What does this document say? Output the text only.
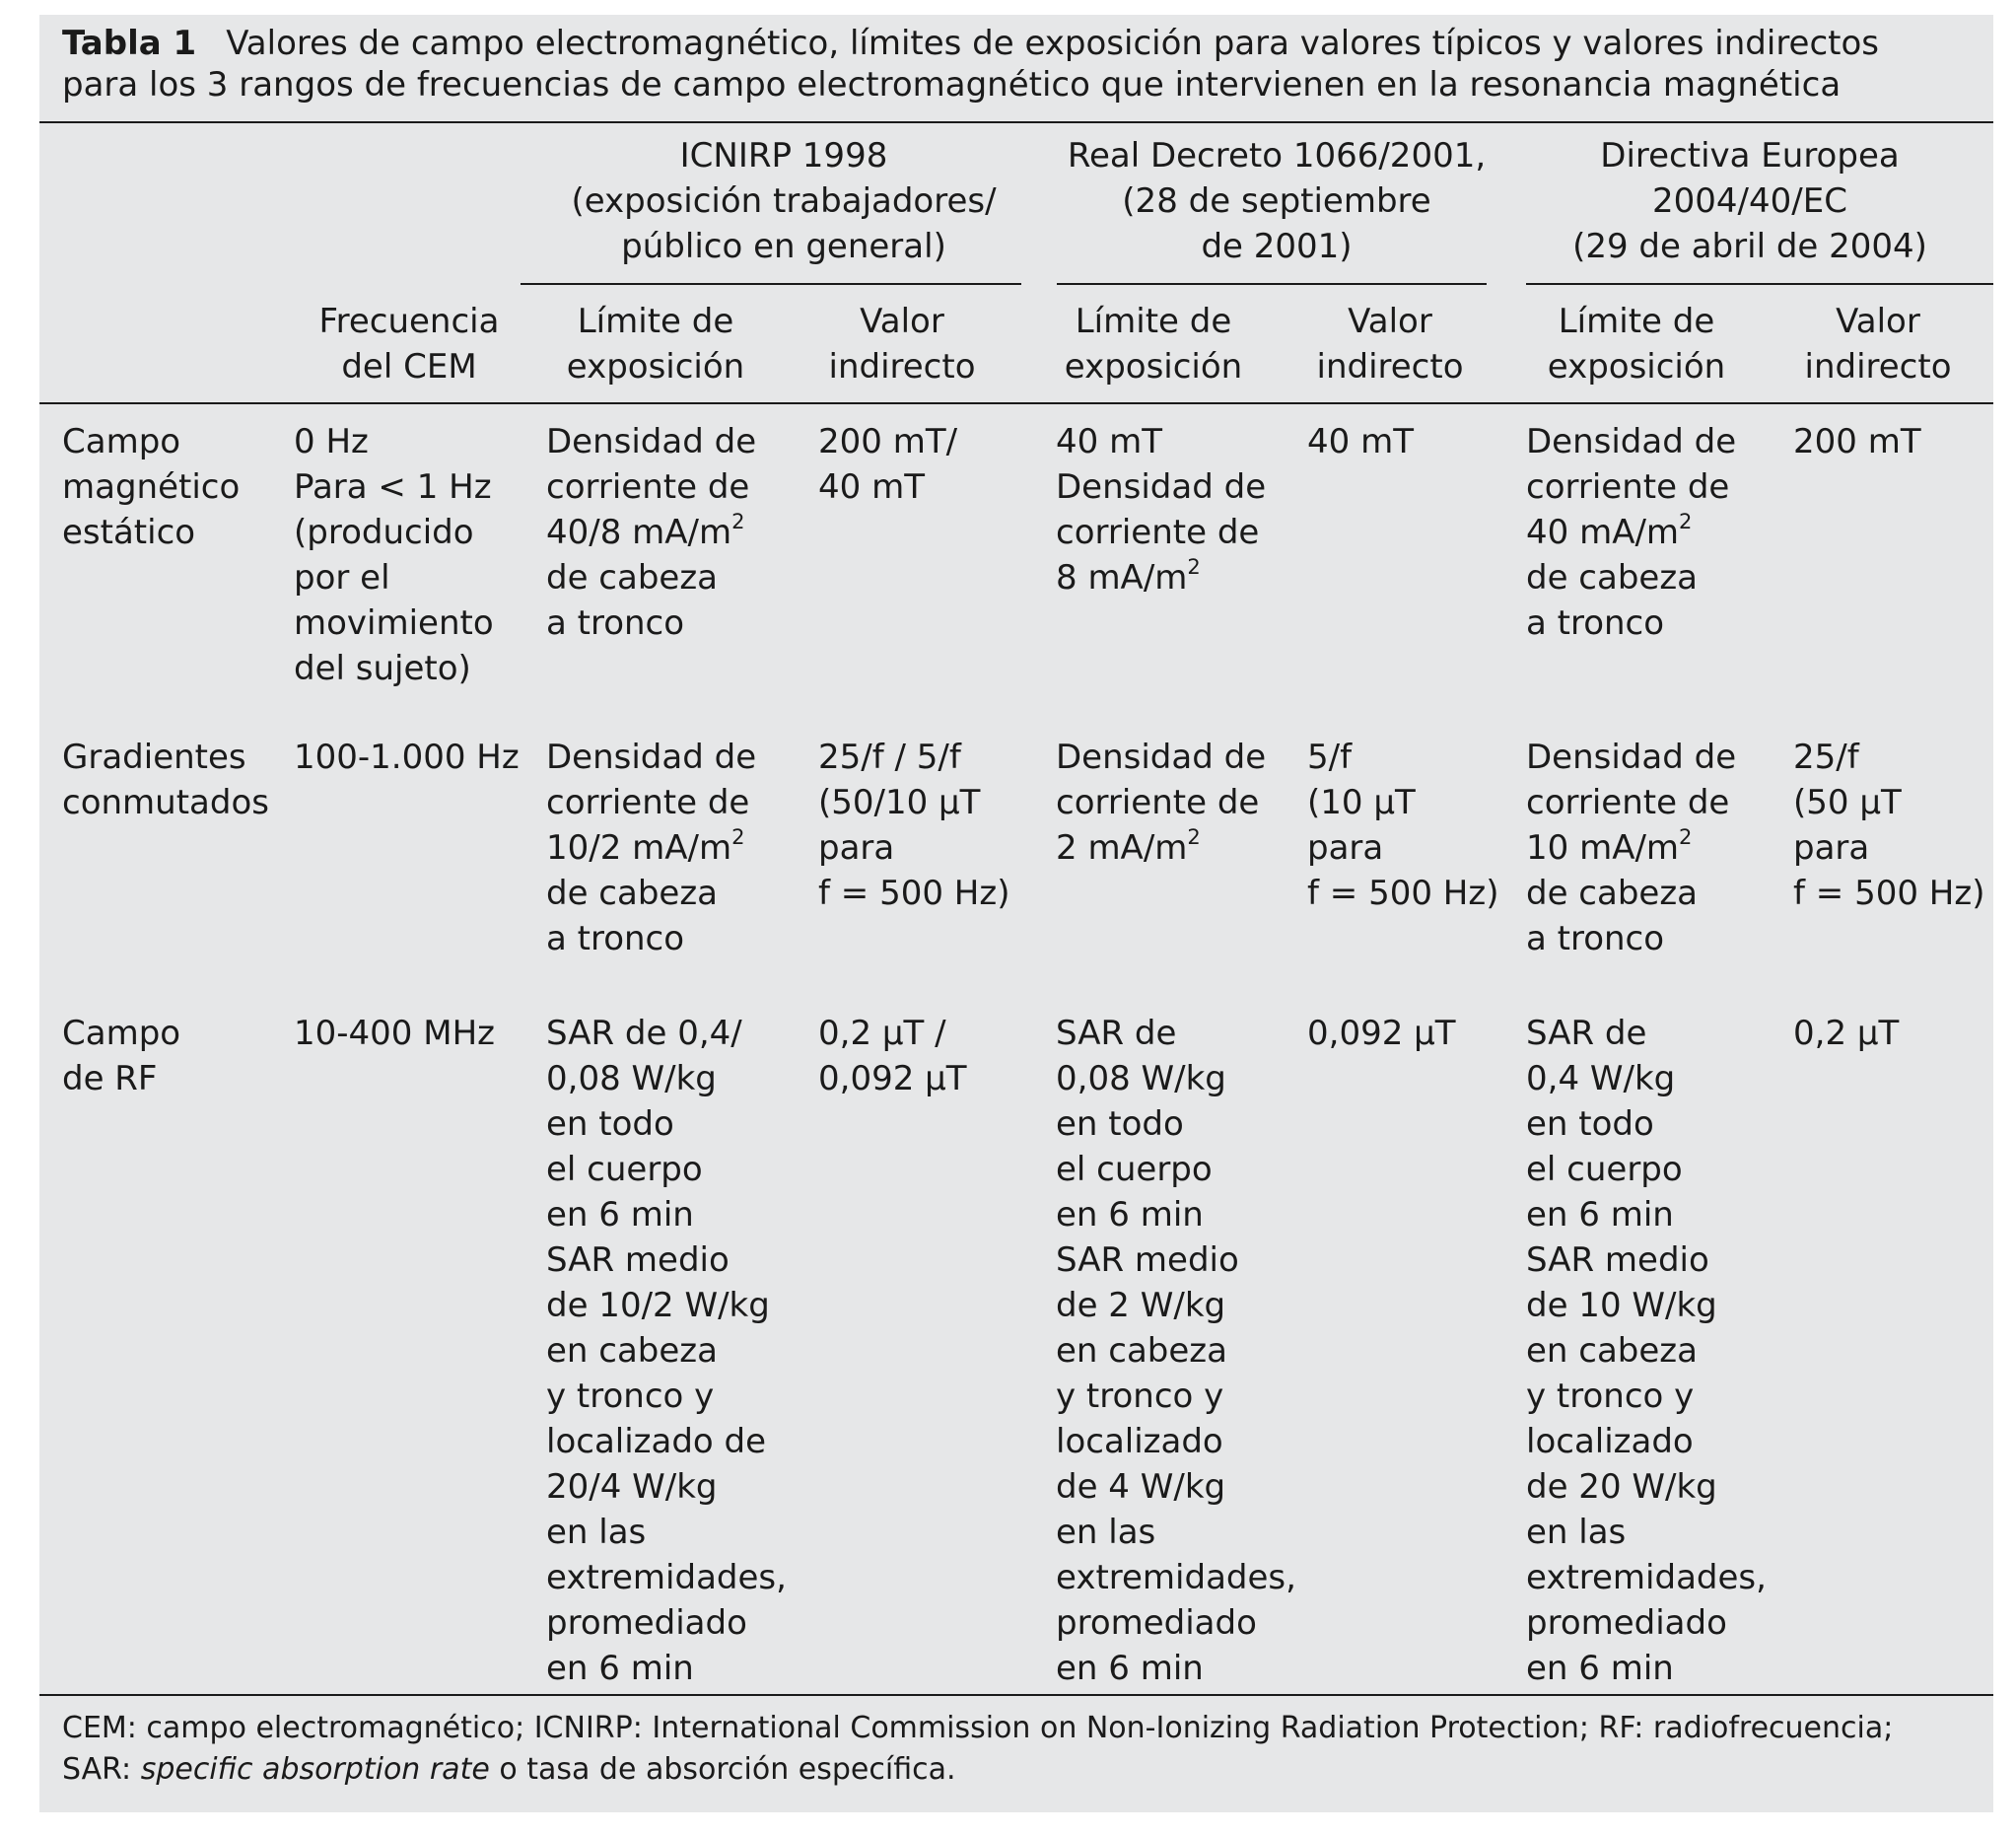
Tabla 1 Valores de campo electromagnético, límites de exposición para valores típicos y valores indirectos
para los 3 rangos de frecuencias de campo electromagnético que intervienen en la resonancia magnética
ICNIRP 1998
(exposición trabajadores/
público en general)
Real Decreto 1066/2001,
(28 de septiembre
de 2001)
Directiva Europea
2004/40/EC
(29 de abril de 2004)
Frecuencia
del CEM
Límite de
exposición
Valor
indirecto
Límite de
exposición
Valor
indirecto
Límite de
exposición
Valor
indirecto
Campo
magnético
estático
0 Hz
Para < 1 Hz
(producido
por el
movimiento
del sujeto)
Densidad de
corriente de
40/8 $mA/m^2$
de cabeza
a tronco
200 mT/
40 mT
40 mT
Densidad de
corriente de
8 $mA/m^2$
40 mT	Densidad de
corriente de
40 $mA/m^2$
de cabeza
a tronco
200 mT
Gradientes
conmutados
100-1.000 Hz Densidad de
corriente de
10/2 $mA/m^2$
de cabeza
a tronco
25/f / 5/f
(50/10 µT
para
f = 500 Hz)
Densidad de
corriente de
2 $mA/m^2$
5/f
(10 µT
para
f = 500 Hz)
Densidad de
corriente de
10 $mA/m^2$
de cabeza
a tronco
25/f
(50 µT
para
f = 500 Hz)
Campo
de RF
10-400 MHz SAR de 0,4/
0,08 W/kg
en todo
el cuerpo
en 6 min
SAR medio
de 10/2 W/kg
en cabeza
y tronco y
localizado de
20/4 W/kg
en las
extremidades,
promediado
en 6 min
0,2 µT /
0,092 µT
SAR de
0,08 W/kg
en todo
el cuerpo
en 6 min
SAR medio
de 2 W/kg
en cabeza
y tronco y
localizado
de 4 W/kg
en las
extremidades,
promediado
en 6 min
0,092 µT SAR de
0,4 W/kg
en todo
el cuerpo
en 6 min
SAR medio
de 10 W/kg
en cabeza
y tronco y
localizado
de 20 W/kg
en las
extremidades,
promediado
en 6 min
0,2 µT
CEM: campo electromagnético; ICNIRP: International Commission on Non-Ionizing Radiation Protection; RF: radiofrecuencia;
SAR: specific absorption rate o tasa de absorción específica.
